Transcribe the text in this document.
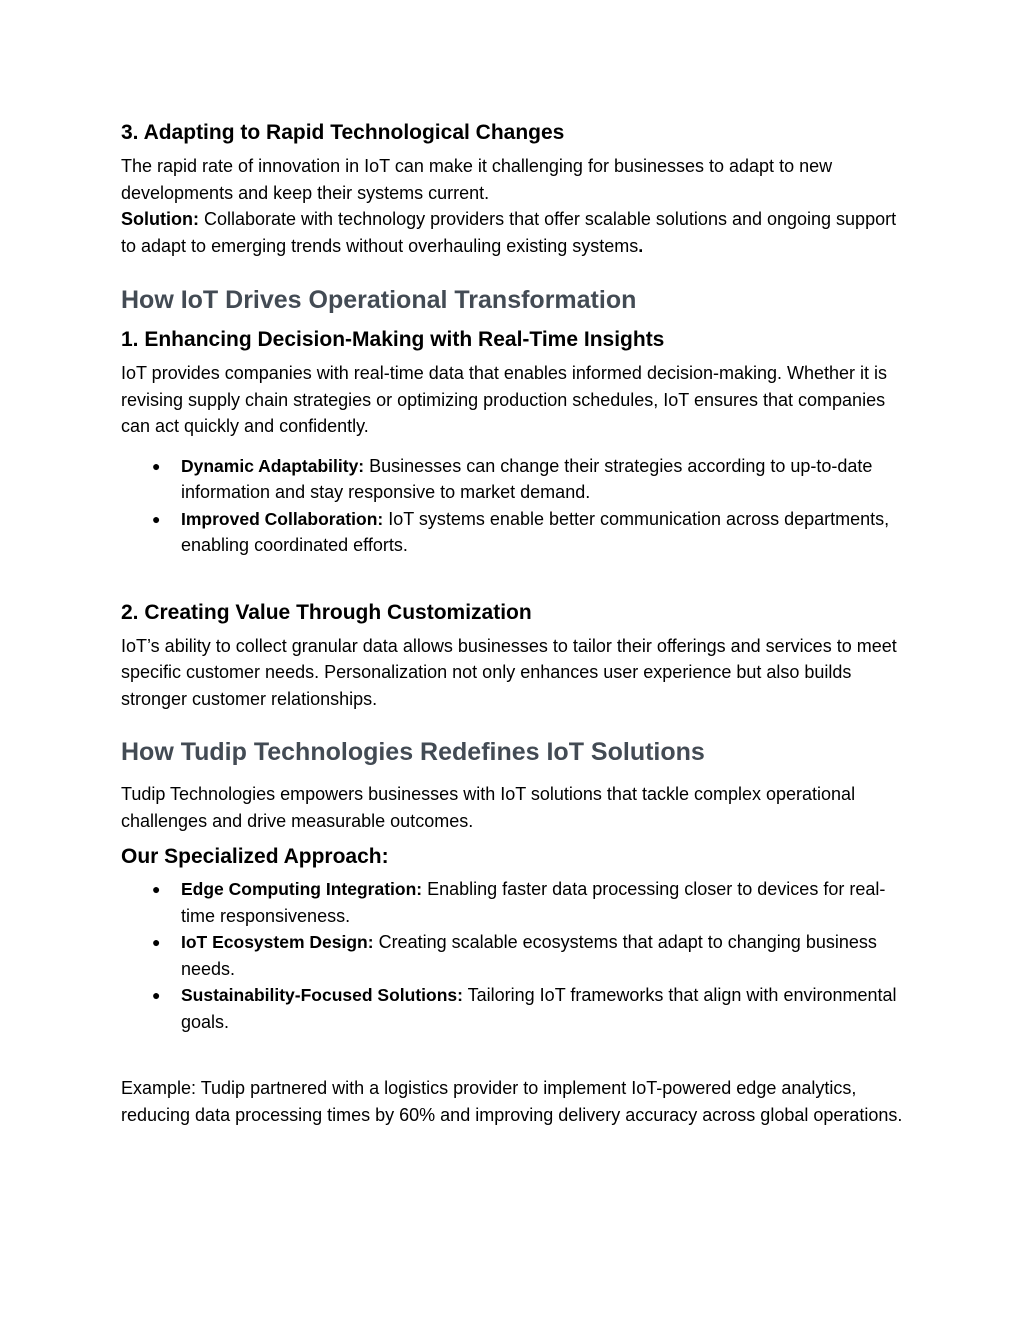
3. Adapting to Rapid Technological Changes

The rapid rate of innovation in IoT can make it challenging for businesses to adapt to new developments and keep their systems current.

Solution: Collaborate with technology providers that offer scalable solutions and ongoing support to adapt to emerging trends without overhauling existing systems.

How IoT Drives Operational Transformation
1. Enhancing Decision-Making with Real-Time Insights

IoT provides companies with real-time data that enables informed decision-making. Whether it is revising supply chain strategies or optimizing production schedules, IoT ensures that companies can act quickly and confidently.

● Dynamic Adaptability: Businesses can change their strategies according to up-to-date information and stay responsive to market demand.
● Improved Collaboration: IoT systems enable better communication across departments, enabling coordinated efforts.
2. Creating Value Through Customization

IoT’s ability to collect granular data allows businesses to tailor their offerings and services to meet specific customer needs. Personalization not only enhances user experience but also builds stronger customer relationships.

How Tudip Technologies Redefines IoT Solutions

Tudip Technologies empowers businesses with IoT solutions that tackle complex operational challenges and drive measurable outcomes.

Our Specialized Approach:
● Edge Computing Integration: Enabling faster data processing closer to devices for real-time responsiveness.
● IoT Ecosystem Design: Creating scalable ecosystems that adapt to changing business needs.
● Sustainability-Focused Solutions: Tailoring IoT frameworks that align with environmental goals.

Example: Tudip partnered with a logistics provider to implement IoT-powered edge analytics, reducing data processing times by 60% and improving delivery accuracy across global operations.
